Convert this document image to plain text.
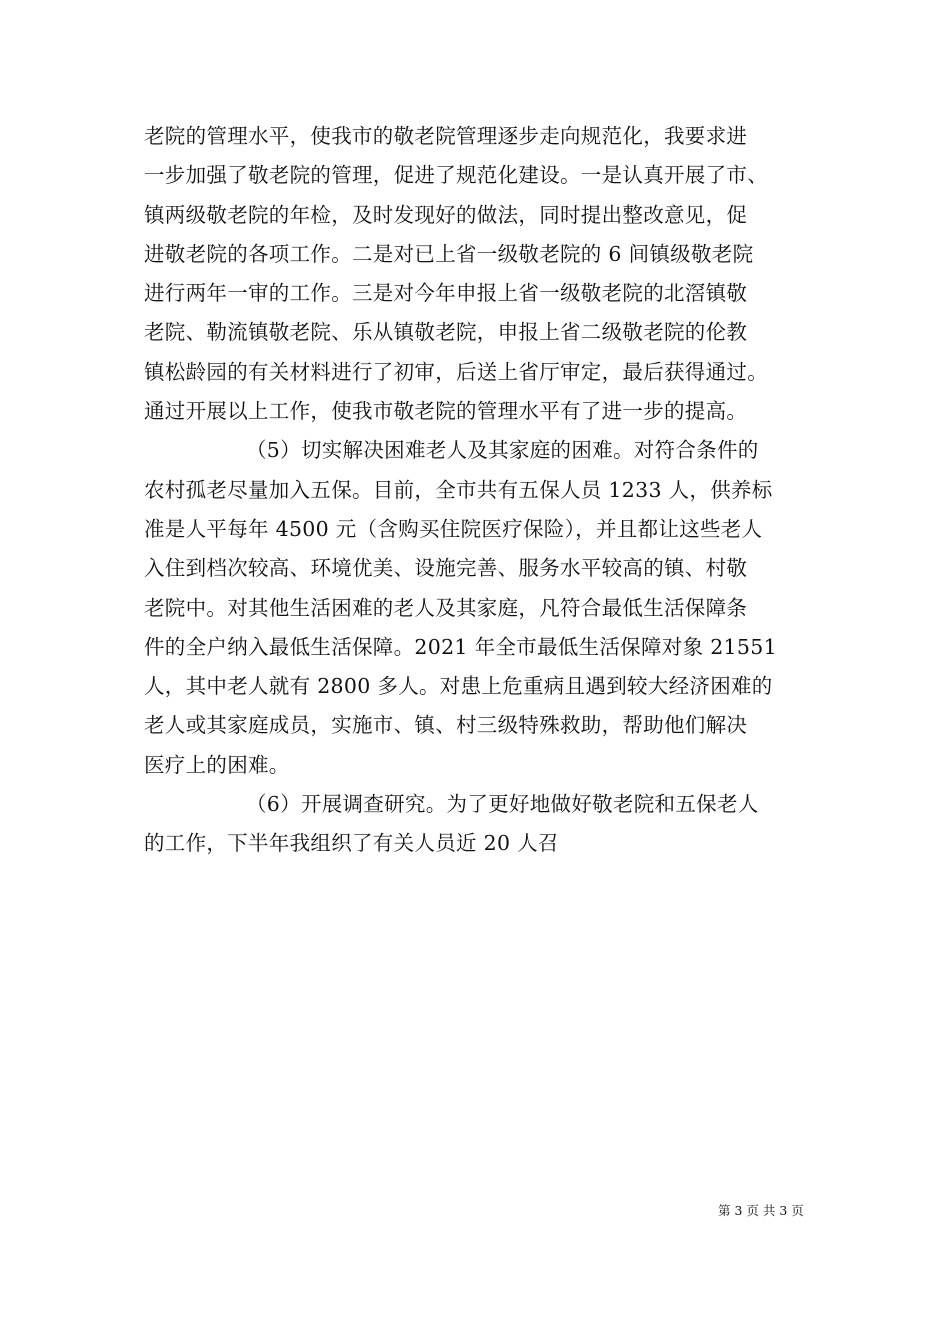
老院的管理水平，使我市的敬老院管理逐步走向规范化，我要求进
一步加强了敬老院的管理，促进了规范化建设。一是认真开展了市、
镇两级敬老院的年检，及时发现好的做法，同时提出整改意见，促
进敬老院的各项工作。二是对已上省一级敬老院的 6 间镇级敬老院
进行两年一审的工作。三是对今年申报上省一级敬老院的北滘镇敬
老院、勒流镇敬老院、乐从镇敬老院，申报上省二级敬老院的伦教
镇松龄园的有关材料进行了初审，后送上省厅审定，最后获得通过。
通过开展以上工作，使我市敬老院的管理水平有了进一步的提高。
（5）切实解决困难老人及其家庭的困难。对符合条件的
农村孤老尽量加入五保。目前，全市共有五保人员 1233 人，供养标
准是人平每年 4500 元（含购买住院医疗保险），并且都让这些老人
入住到档次较高、环境优美、设施完善、服务水平较高的镇、村敬
老院中。对其他生活困难的老人及其家庭，凡符合最低生活保障条
件的全户纳入最低生活保障。2021 年全市最低生活保障对象 21551
人，其中老人就有 2800 多人。对患上危重病且遇到较大经济困难的
老人或其家庭成员，实施市、镇、村三级特殊救助，帮助他们解决
医疗上的困难。
（6）开展调查研究。为了更好地做好敬老院和五保老人
的工作，下半年我组织了有关人员近 20 人召
第 3 页 共 3 页
